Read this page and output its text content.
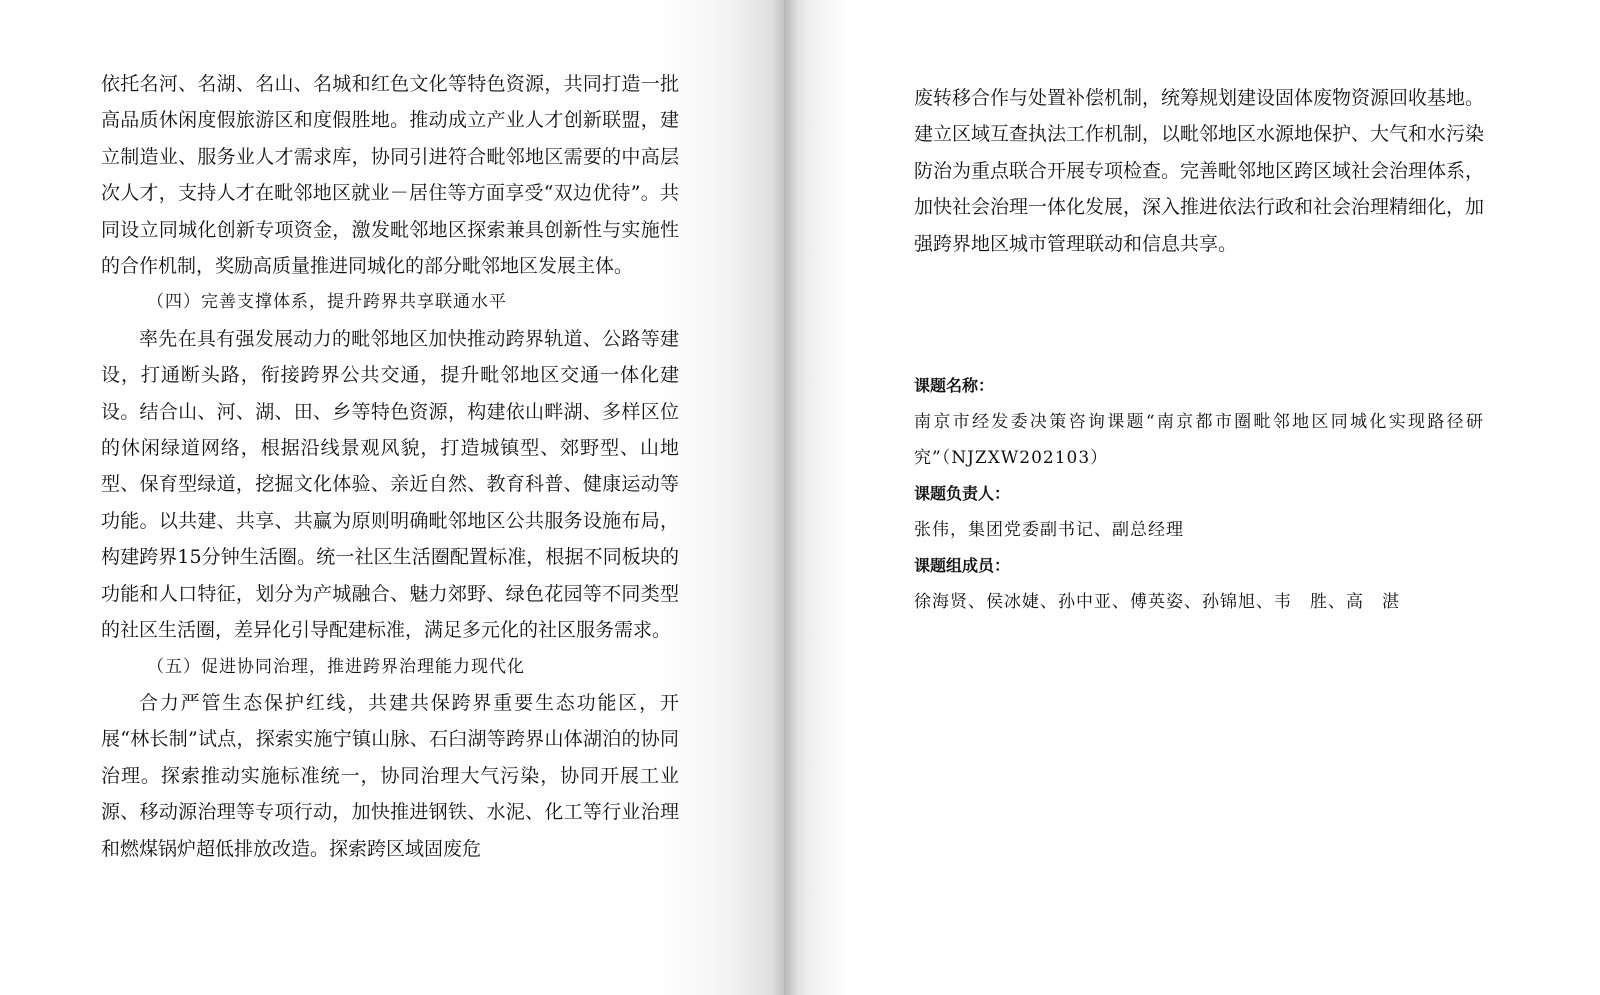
依托名河、名湖、名山、名城和红色文化等特色资源，共同打造一批高品质休闲度假旅游区和度假胜地。推动成立产业人才创新联盟，建立制造业、服务业人才需求库，协同引进符合毗邻地区需要的中高层次人才，支持人才在毗邻地区就业－居住等方面享受“双边优待”。共同设立同城化创新专项资金，激发毗邻地区探索兼具创新性与实施性的合作机制，奖励高质量推进同城化的部分毗邻地区发展主体。

（四）完善支撑体系，提升跨界共享联通水平

率先在具有强发展动力的毗邻地区加快推动跨界轨道、公路等建设，打通断头路，衔接跨界公共交通，提升毗邻地区交通一体化建设。结合山、河、湖、田、乡等特色资源，构建依山畔湖、多样区位的休闲绿道网络，根据沿线景观风貌，打造城镇型、郊野型、山地型、保育型绿道，挖掘文化体验、亲近自然、教育科普、健康运动等功能。以共建、共享、共赢为原则明确毗邻地区公共服务设施布局，构建跨界15分钟生活圈。统一社区生活圈配置标准，根据不同板块的功能和人口特征，划分为产城融合、魅力郊野、绿色花园等不同类型的社区生活圈，差异化引导配建标准，满足多元化的社区服务需求。

（五）促进协同治理，推进跨界治理能力现代化

合力严管生态保护红线，共建共保跨界重要生态功能区，开展“林长制”试点，探索实施宁镇山脉、石臼湖等跨界山体湖泊的协同治理。探索推动实施标准统一，协同治理大气污染，协同开展工业源、移动源治理等专项行动，加快推进钢铁、水泥、化工等行业治理和燃煤锅炉超低排放改造。探索跨区域固废危

废转移合作与处置补偿机制，统筹规划建设固体废物资源回收基地。建立区域互查执法工作机制，以毗邻地区水源地保护、大气和水污染防治为重点联合开展专项检查。完善毗邻地区跨区域社会治理体系，加快社会治理一体化发展，深入推进依法行政和社会治理精细化，加强跨界地区城市管理联动和信息共享。

课题名称：

南京市经发委决策咨询课题“南京都市圈毗邻地区同城化实现路径研究”（NJZXW202103）

课题负责人：

张伟，集团党委副书记、副总经理

课题组成员：

徐海贤、侯冰婕、孙中亚、傅英姿、孙锦旭、韦　胜、高　湛
